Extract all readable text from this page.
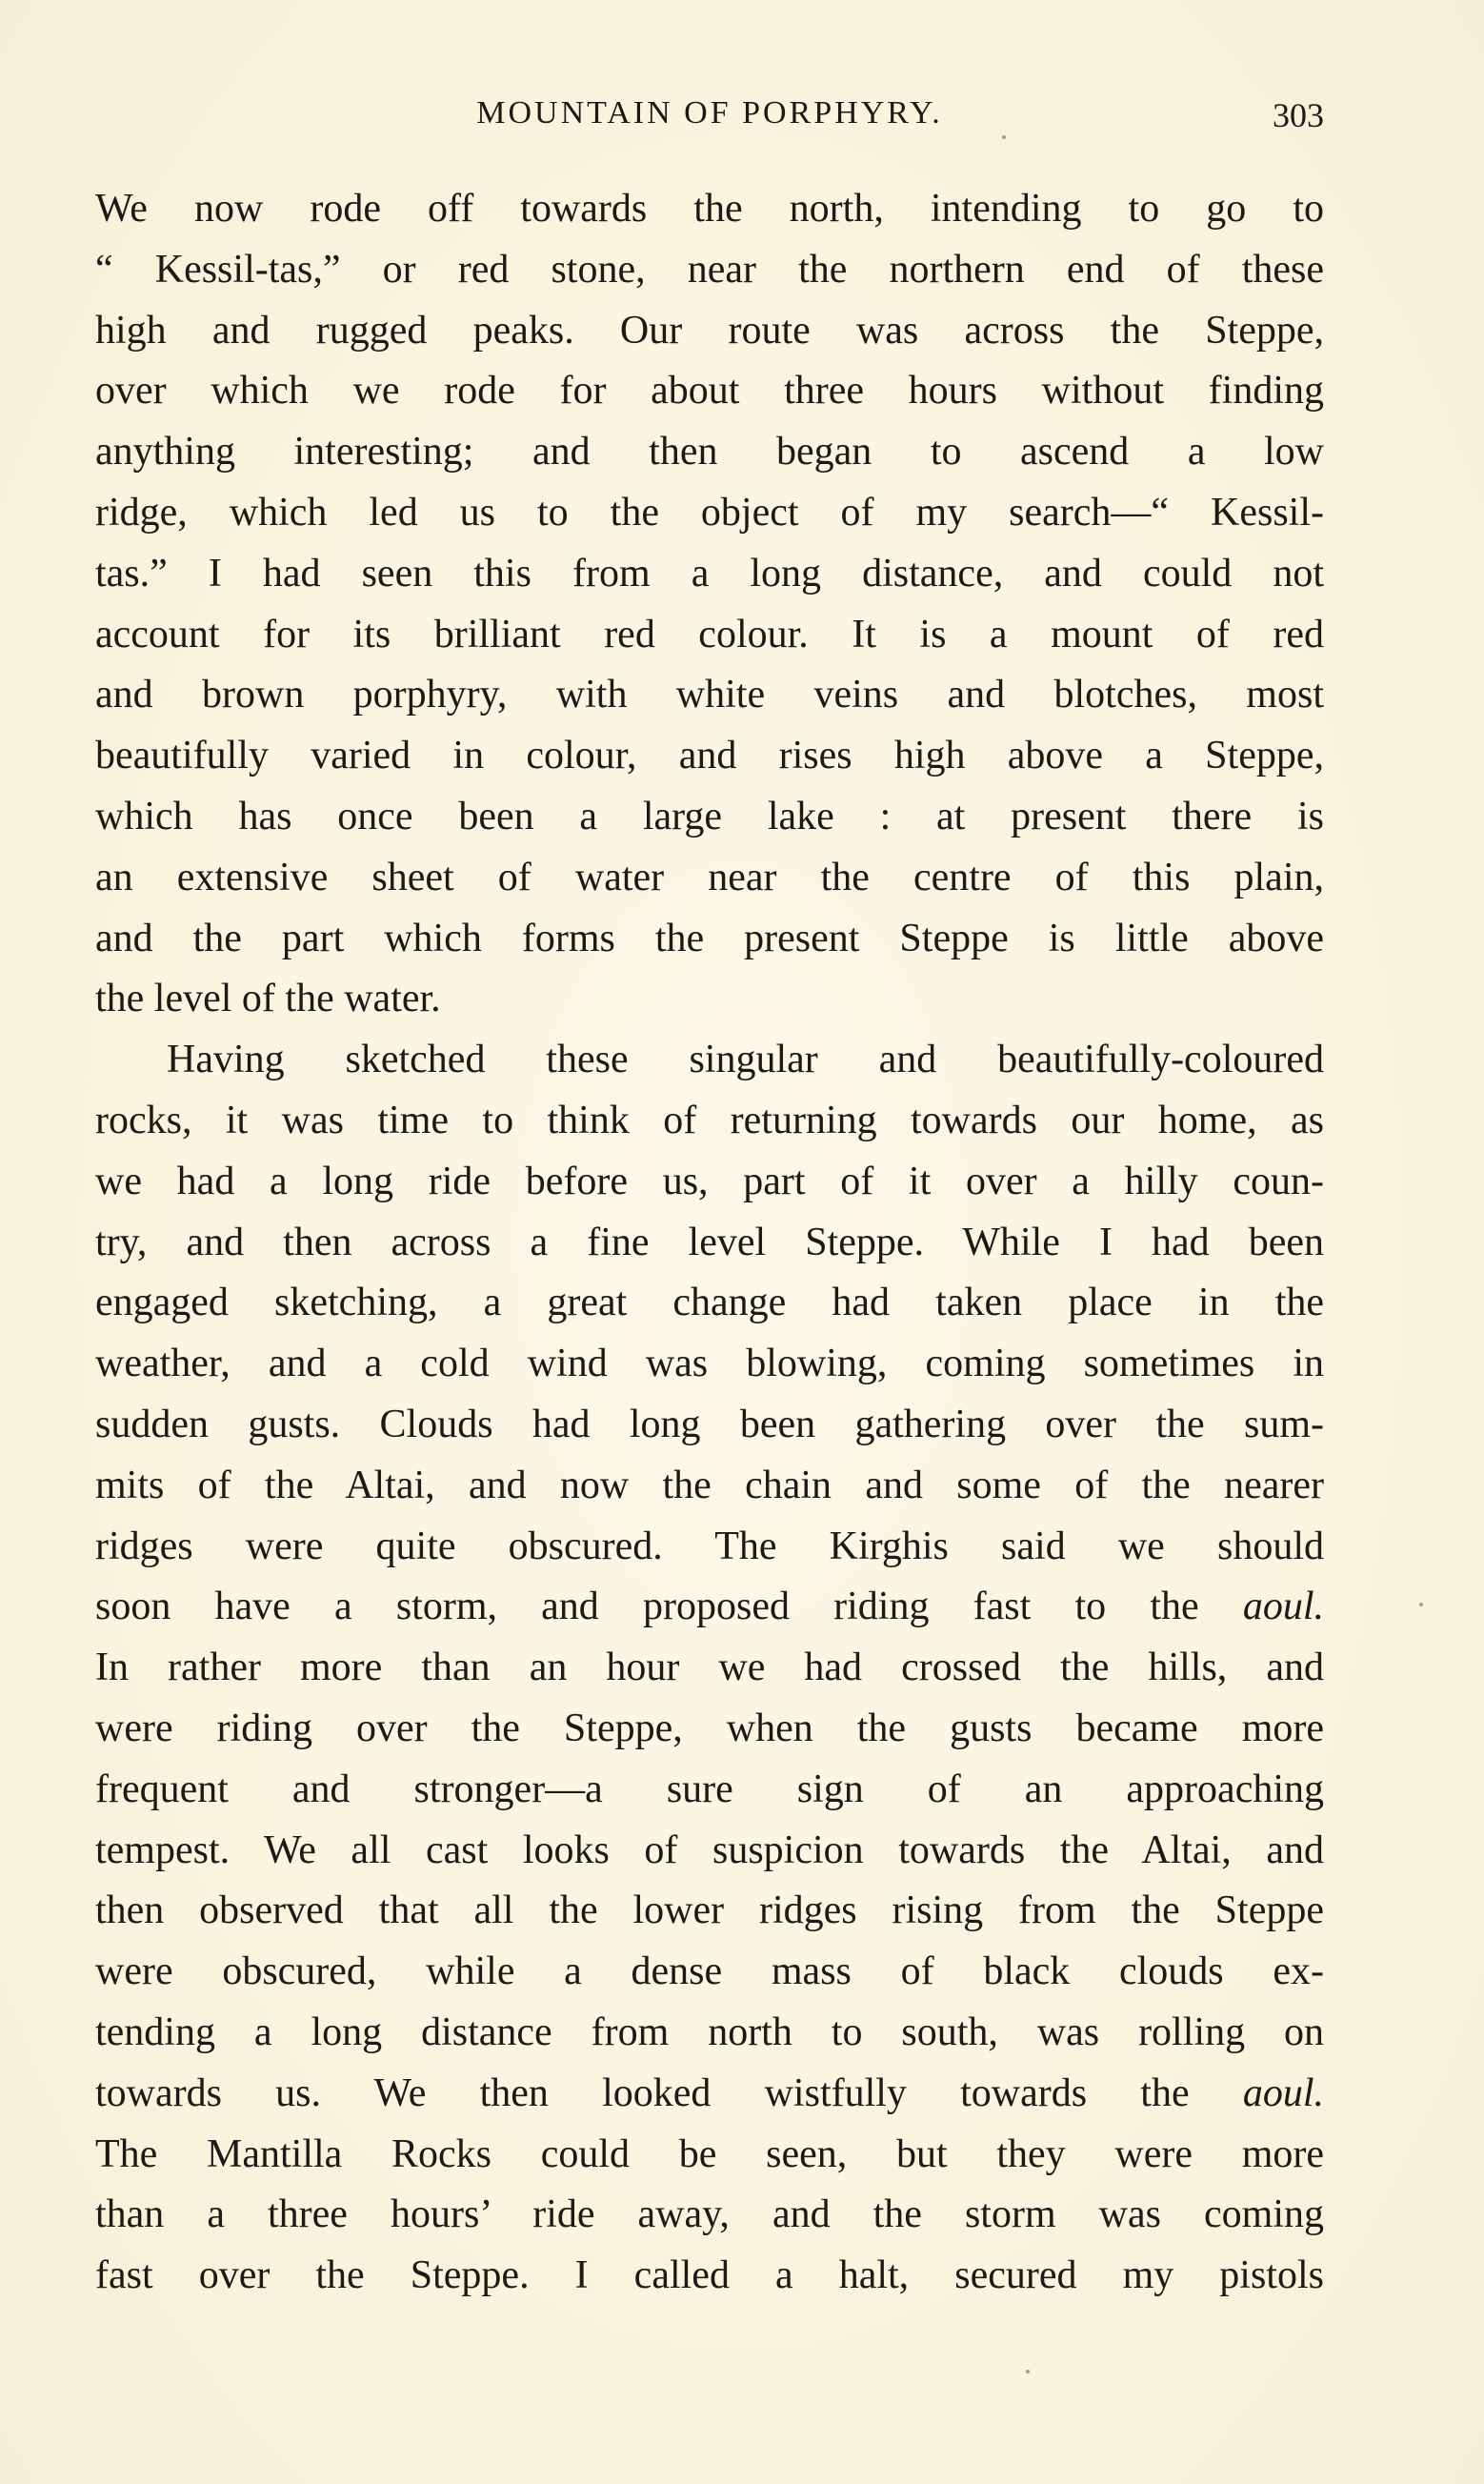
MOUNTAIN OF PORPHYRY.	303
We now rode off towards the north, intending to go to
“ Kessil-tas,” or red stone, near the northern end of these
high and rugged peaks. Our route was across the Steppe,
over which we rode for about three hours without finding
anything interesting; and then began to ascend a low
ridge, which led us to the object of my search—“ Kessil-
tas.” I had seen this from a long distance, and could not
account for its brilliant red colour. It is a mount of red
and brown porphyry, with white veins and blotches, most
beautifully varied in colour, and rises high above a Steppe,
which has once been a large lake : at present there is
an extensive sheet of water near the centre of this plain,
and the part which forms the present Steppe is little above
the level of the water.
Having sketched these singular and beautifully-coloured
rocks, it was time to think of returning towards our home, as
we had a long ride before us, part of it over a hilly coun-
try, and then across a fine level Steppe. While I had been
engaged sketching, a great change had taken place in the
weather, and a cold wind was blowing, coming sometimes in
sudden gusts. Clouds had long been gathering over the sum-
mits of the Altai, and now the chain and some of the nearer
ridges were quite obscured. The Kirghis said we should
soon have a storm, and proposed riding fast to the aoul.
In rather more than an hour we had crossed the hills, and
were riding over the Steppe, when the gusts became more
frequent and stronger—a sure sign of an approaching
tempest. We all cast looks of suspicion towards the Altai, and
then observed that all the lower ridges rising from the Steppe
were obscured, while a dense mass of black clouds ex-
tending a long distance from north to south, was rolling on
towards us. We then looked wistfully towards the aoul.
The Mantilla Rocks could be seen, but they were more
than a three hours’ ride away, and the storm was coming
fast over the Steppe. I called a halt, secured my pistols
